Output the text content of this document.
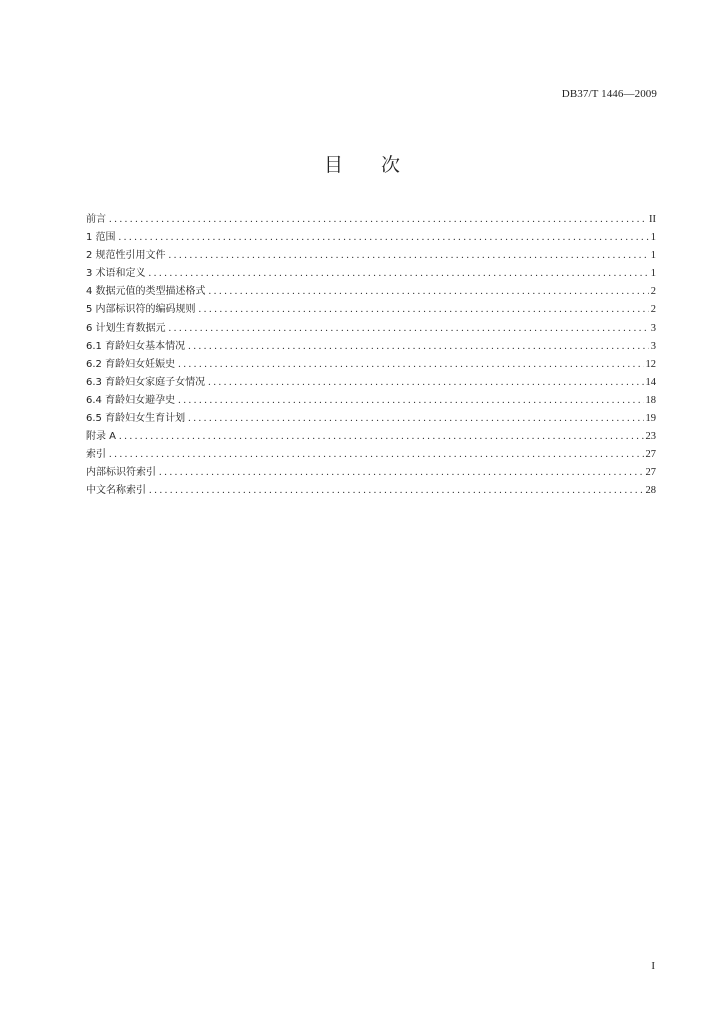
DB37/T 1446—2009
目次
前言 .....	II
1 范围 .....	1
2 规范性引用文件 .....	1
3 术语和定义 .....	1
4 数据元值的类型描述格式 .....	2
5 内部标识符的编码规则 .....	2
6 计划生育数据元 .....	3
6.1 育龄妇女基本情况 .....	3
6.2 育龄妇女妊娠史 .....	12
6.3 育龄妇女家庭子女情况 .....	14
6.4 育龄妇女避孕史 .....	18
6.5 育龄妇女生育计划 .....	19
附录 A .....	23
索引 .....	27
内部标识符索引 .....	27
中文名称索引 .....	28
I
